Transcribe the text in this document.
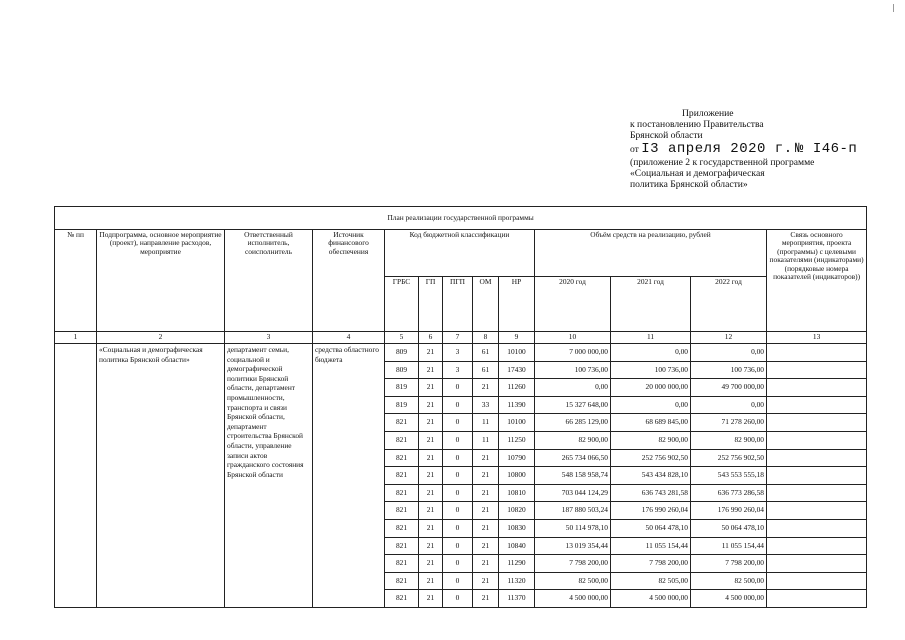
Приложение
к постановлению Правительства
Брянской области
от I3 апреля 2020 г. № I46-п
(приложение 2 к государственной программе
«Социальная и демографическая
политика Брянской области»
План реализации государственной программы												
№ пп	Подпрограмма, основное мероприятие (проект), направление расходов, мероприятие	Ответственный исполнитель, соисполнитель	Источник финансового обеспечения	Код бюджетной классификации					Объём средств на реализацию, рублей			Связь основного мероприятия, проекта (программы) с целевыми показателями (индикаторами) (порядковые номера показателей (индикаторов))
				ГРБС	ГП	ПГП	ОМ	НР	2020 год	2021 год	2022 год	
1	2	3	4	5	6	7	8	9	10	11	12	13
	«Социальная и демографическая политика Брянской области»	департамент семьи, социальной и демографической политики Брянской области, департамент промышленности, транспорта и связи Брянской области, департамент строительства Брянской области, управление записи актов гражданского состояния Брянской области	средства областного бюджета	809	21	3	61	10100	7 000 000,00	0,00	0,00	
				809	21	3	61	17430	100 736,00	100 736,00	100 736,00	
				819	21	0	21	11260	0,00	20 000 000,00	49 700 000,00	
				819	21	0	33	11390	15 327 648,00	0,00	0,00	
				821	21	0	11	10100	66 285 129,00	68 689 845,00	71 278 260,00	
				821	21	0	11	11250	82 900,00	82 900,00	82 900,00	
				821	21	0	21	10790	265 734 066,50	252 756 902,50	252 756 902,50	
				821	21	0	21	10800	548 158 958,74	543 434 828,10	543 553 555,18	
				821	21	0	21	10810	703 044 124,29	636 743 281,58	636 773 286,58	
				821	21	0	21	10820	187 880 503,24	176 990 260,04	176 990 260,04	
				821	21	0	21	10830	50 114 978,10	50 064 478,10	50 064 478,10	
				821	21	0	21	10840	13 019 354,44	11 055 154,44	11 055 154,44	
				821	21	0	21	11290	7 798 200,00	7 798 200,00	7 798 200,00	
				821	21	0	21	11320	82 500,00	82 505,00	82 500,00	
				821	21	0	21	11370	4 500 000,00	4 500 000,00	4 500 000,00	
